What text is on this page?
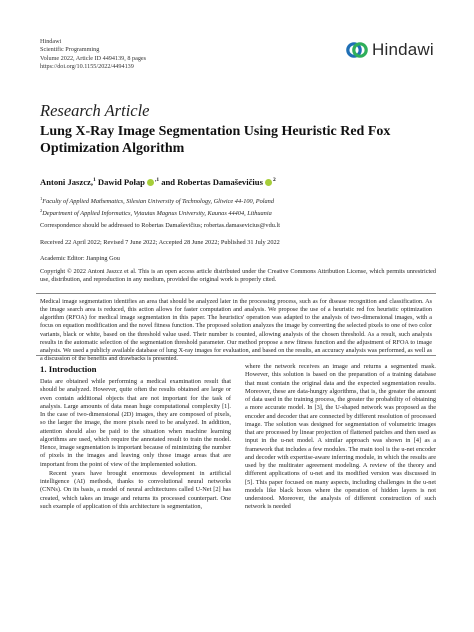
Hindawi
Scientific Programming
Volume 2022, Article ID 4494139, 8 pages
https://doi.org/10.1155/2022/4494139
Hindawi
Research Article
Lung X-Ray Image Segmentation Using Heuristic Red Fox Optimization Algorithm
Antoni Jaszcz,$^1$ Dawid Połap $^{,1}$ and Robertas Damaševičius $^2$
$^1$Faculty of Applied Mathematics, Silesian University of Technology, Gliwice 44-100, Poland
$^2$Department of Applied Informatics, Vytautas Magnus University, Kaunas 44404, Lithuania
Correspondence should be addressed to Robertas Damaševičius; robertas.damasevicius@vdu.lt
Received 22 April 2022; Revised 7 June 2022; Accepted 28 June 2022; Published 31 July 2022
Academic Editor: Jianping Gou
Copyright © 2022 Antoni Jaszcz et al. This is an open access article distributed under the Creative Commons Attribution License, which permits unrestricted use, distribution, and reproduction in any medium, provided the original work is properly cited.
Medical image segmentation identifies an area that should be analyzed later in the processing process, such as for disease recognition and classification. As the image search area is reduced, this action allows for faster computation and analysis. We propose the use of a heuristic red fox heuristic optimization algorithm (RFOA) for medical image segmentation in this paper. The heuristics' operation was adapted to the analysis of two-dimensional images, with a focus on equation modification and the novel fitness function. The proposed solution analyzes the image by converting the selected pixels to one of two color variants, black or white, based on the threshold value used. Their number is counted, allowing analysis of the chosen threshold. As a result, such analysis results in the automatic selection of the segmentation threshold parameter. Our method propose a new fitness function and the adjustment of RFOA to image analysis. We used a publicly available database of lung X-ray images for evaluation, and based on the results, an accuracy analysis was performed, as well as a discussion of the benefits and drawbacks is presented.
1. Introduction

Data are obtained while performing a medical examination result that should be analyzed. However, quite often the results obtained are large or even contain additional objects that are not important for the task of analysis. Large amounts of data mean huge computational complexity [1]. In the case of two-dimensional (2D) images, they are composed of pixels, so the larger the image, the more pixels need to be analyzed. In addition, attention should also be paid to the situation when machine learning algorithms are used, which require the annotated result to train the model. Hence, image segmentation is important because of minimizing the number of pixels in the images and leaving only those image areas that are important from the point of view of the implemented solution.

Recent years have brought enormous development in artificial intelligence (AI) methods, thanks to convolutional neural networks (CNNs). On its basis, a model of neural architectures called U-Net [2] has created, which takes an image and returns its processed counterpart. One such example of application of this architecture is segmentation,

where the network receives an image and returns a segmented mask. However, this solution is based on the preparation of a training database that must contain the original data and the expected segmentation results. Moreover, these are data-hungry algorithms, that is, the greater the amount of data used in the training process, the greater the probability of obtaining a more accurate model. In [3], the U-shaped network was proposed as the encoder and decoder that are connected by different resolution of processed image. The solution was designed for segmentation of volumetric images that are processed by linear projection of flattened patches and then used as input in the u-net model. A similar approach was shown in [4] as a framework that includes a few modules. The main tool is the u-net encoder and decoder with expertise-aware inferring module, in which the results are used by the multirater agreement modeling. A review of the theory and different applications of u-net and its modified version was discussed in [5]. This paper focused on many aspects, including challenges in the u-net models like black boxes where the operation of hidden layers is not understood. Moreover, the analysis of different construction of such network is needed
